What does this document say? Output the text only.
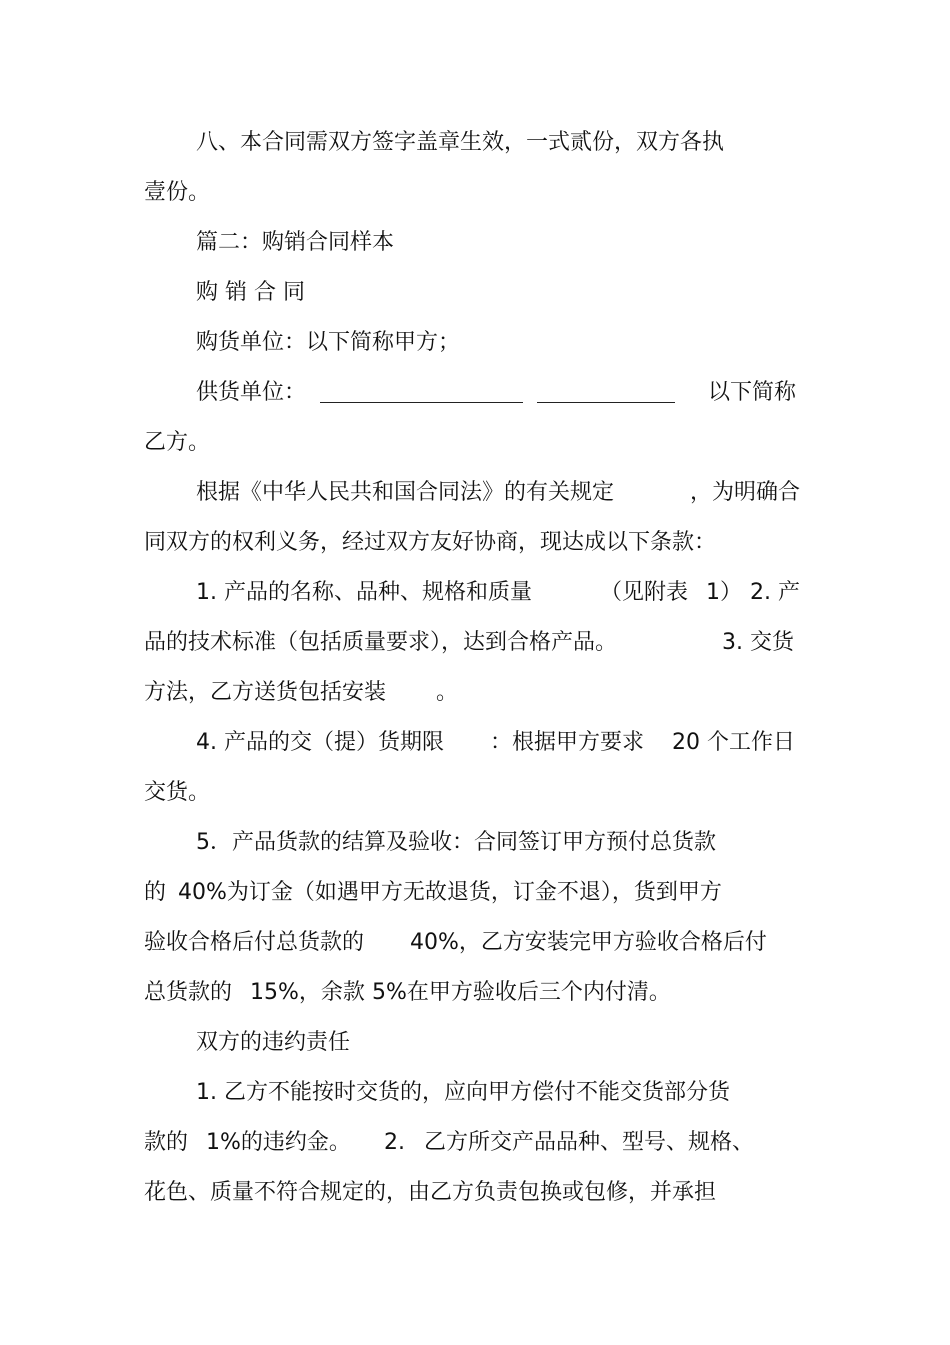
八、本合同需双方签字盖章生效，一式贰份，双方各执
壹份。
篇二：购销合同样本
购 销 合 同
购货单位：以下简称甲方；
供货单位：	以下简称
乙方。
根据《中华人民共和国合同法》的有关规定	，为明确合
同双方的权利义务，经过双方友好协商，现达成以下条款：
1. 产品的名称、品种、规格和质量	（见附表 1） 2. 产
品的技术标准（包括质量要求），达到合格产品。	3. 交货
方法，乙方送货包括安装 。
4. 产品的交（提）货期限 ：根据甲方要求 20 个工作日
交货。
5．产品货款的结算及验收：合同签订甲方预付总货款
的 40%为订金（如遇甲方无故退货，订金不退），货到甲方
验收合格后付总货款的 40%，乙方安装完甲方验收合格后付
总货款的 15%，余款 5%在甲方验收后三个内付清。
双方的违约责任
1. 乙方不能按时交货的，应向甲方偿付不能交货部分货
款的 1%的违约金。 2. 乙方所交产品品种、型号、规格、
花色、质量不符合规定的，由乙方负责包换或包修，并承担
